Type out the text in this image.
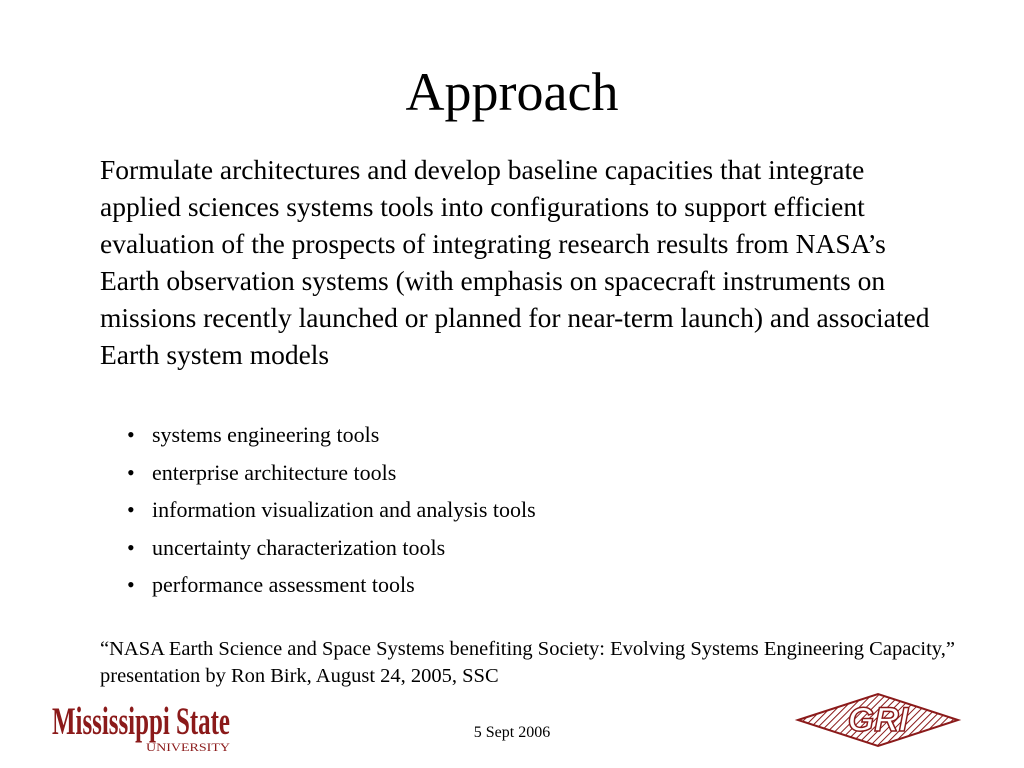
Approach
Formulate architectures and develop baseline capacities that integrate applied sciences systems tools into configurations to support efficient evaluation of the prospects of integrating research results from NASA’s Earth observation systems (with emphasis on spacecraft instruments on missions recently launched or planned for near-term launch) and associated Earth system models
• systems engineering tools
• enterprise architecture tools
• information visualization and analysis tools
• uncertainty characterization tools
• performance assessment tools
“NASA Earth Science and Space Systems benefiting Society: Evolving Systems Engineering Capacity,” presentation by Ron Birk, August 24, 2005, SSC
Mississippi State
UNIVERSITY
5 Sept 2006	GRI
